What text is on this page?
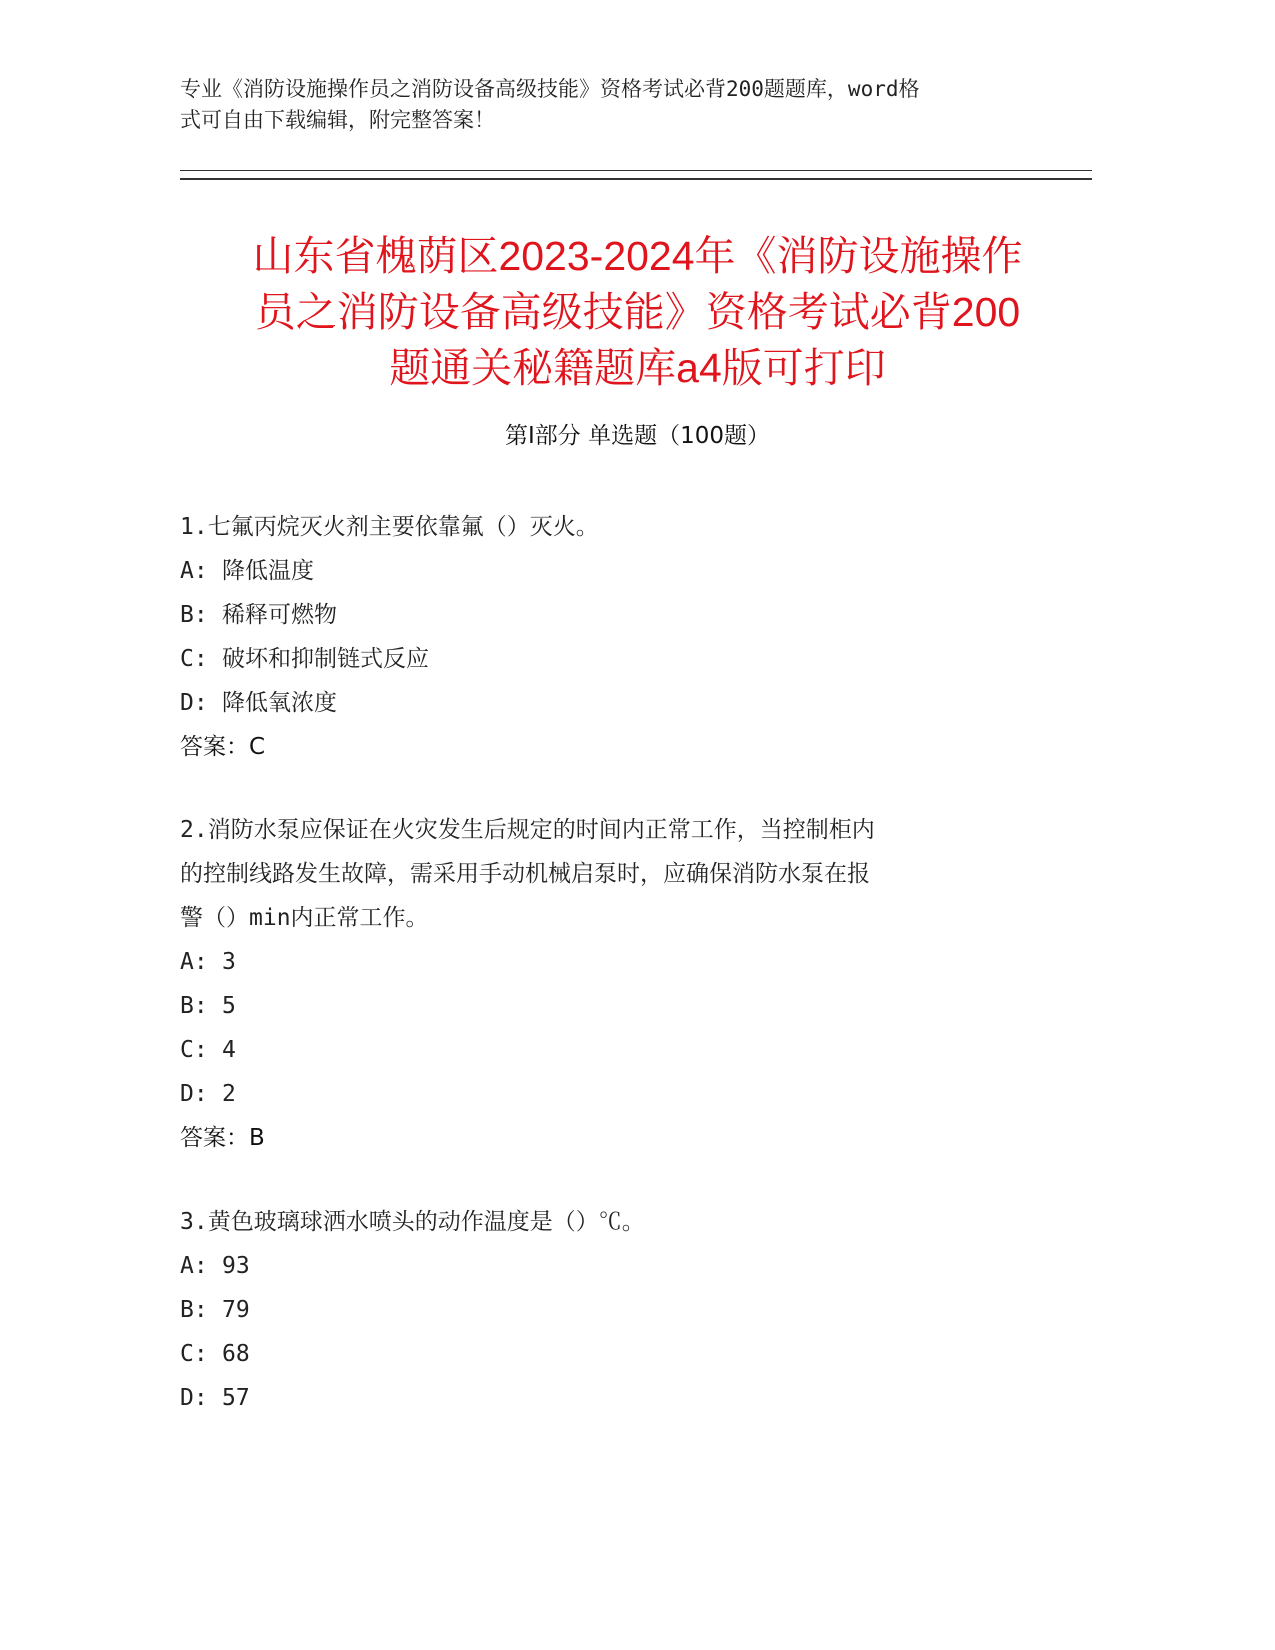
专业《消防设施操作员之消防设备高级技能》资格考试必背200题题库，word格
式可自由下载编辑，附完整答案！
山东省槐荫区2023-2024年《消防设施操作
员之消防设备高级技能》资格考试必背200
题通关秘籍题库a4版可打印
第Ⅰ部分 单选题（100题）

1.七氟丙烷灭火剂主要依靠氟（）灭火。

A: 降低温度

B: 稀释可燃物

C: 破坏和抑制链式反应

D: 降低氧浓度

答案：C

2.消防水泵应保证在火灾发生后规定的时间内正常工作，当控制柜内
的控制线路发生故障，需采用手动机械启泵时，应确保消防水泵在报
警（）min内正常工作。

A: 3

B: 5

C: 4

D: 2

答案：B

3.黄色玻璃球洒水喷头的动作温度是（）℃。

A: 93

B: 79

C: 68

D: 57
